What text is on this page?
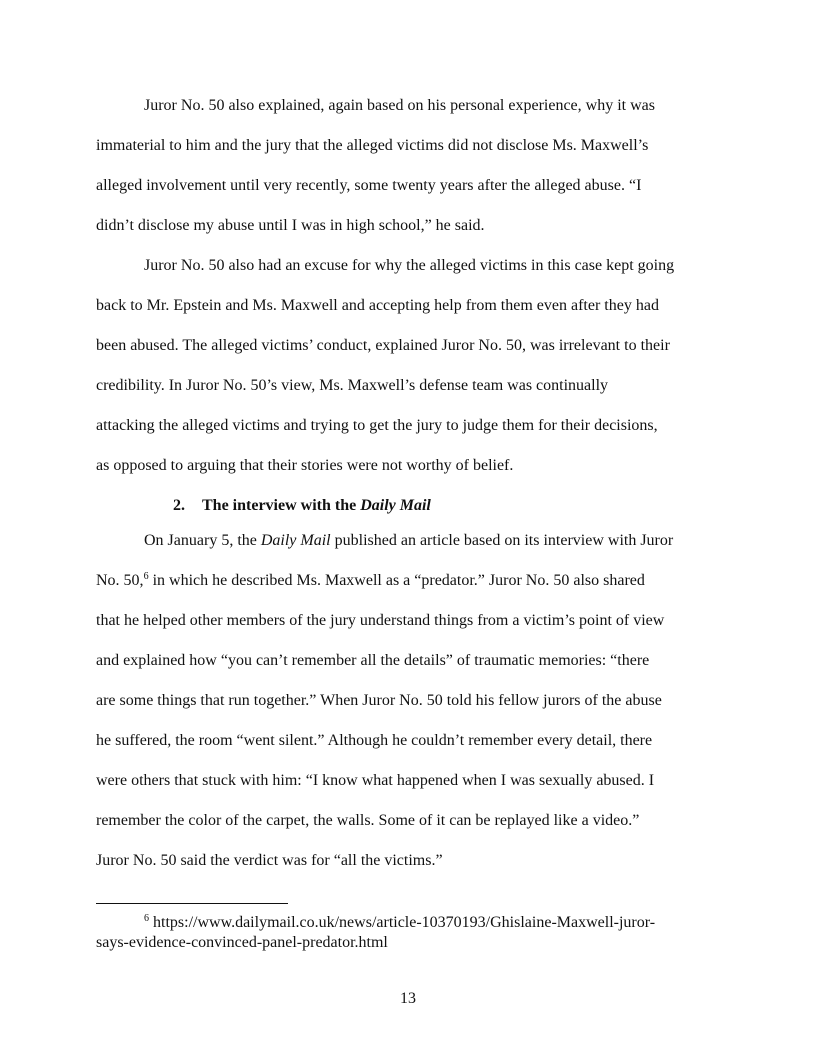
Juror No. 50 also explained, again based on his personal experience, why it was
immaterial to him and the jury that the alleged victims did not disclose Ms. Maxwell’s
alleged involvement until very recently, some twenty years after the alleged abuse. “I
didn’t disclose my abuse until I was in high school,” he said.
Juror No. 50 also had an excuse for why the alleged victims in this case kept going
back to Mr. Epstein and Ms. Maxwell and accepting help from them even after they had
been abused. The alleged victims’ conduct, explained Juror No. 50, was irrelevant to their
credibility. In Juror No. 50’s view, Ms. Maxwell’s defense team was continually
attacking the alleged victims and trying to get the jury to judge them for their decisions,
as opposed to arguing that their stories were not worthy of belief.
2. The interview with the Daily Mail
On January 5, the Daily Mail published an article based on its interview with Juror
No. 50,$^6$ in which he described Ms. Maxwell as a “predator.” Juror No. 50 also shared
that he helped other members of the jury understand things from a victim’s point of view
and explained how “you can’t remember all the details” of traumatic memories: “there
are some things that run together.” When Juror No. 50 told his fellow jurors of the abuse
he suffered, the room “went silent.” Although he couldn’t remember every detail, there
were others that stuck with him: “I know what happened when I was sexually abused. I
remember the color of the carpet, the walls. Some of it can be replayed like a video.”
Juror No. 50 said the verdict was for “all the victims.”
$^6$ https://www.dailymail.co.uk/news/article-10370193/Ghislaine-Maxwell-juror-
says-evidence-convinced-panel-predator.html
13
